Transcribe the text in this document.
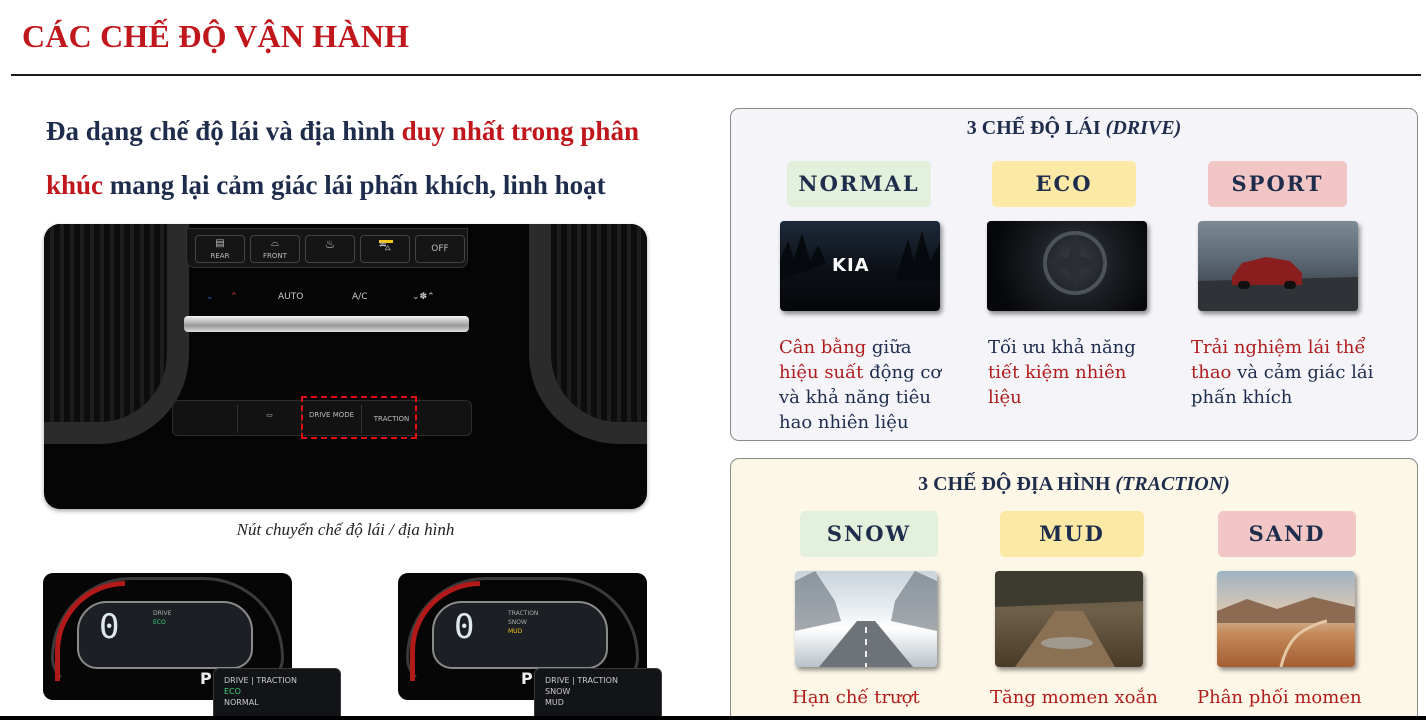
CÁC CHẾ ĐỘ VẬN HÀNH
Đa dạng chế độ lái và địa hình duy nhất trong phân
khúc mang lại cảm giác lái phấn khích, linh hoạt
▤
REAR
⌓
FRONT
♨	⛍	OFF
⌄ ⌃	AUTO	A/C	⌄✽⌃
▭	DRIVE MODE	TRACTION
Nút chuyển chế độ lái / địa hình
0	DRIVE
ECO
P DRIVE | TRACTION
ECO
NORMAL
0	TRACTION
SNOW
MUD
P DRIVE | TRACTION
SNOW
MUD
3 CHẾ ĐỘ LÁI (DRIVE)
NORMAL	ECO	SPORT
KIA
Cân bằng giữa hiệu suất động cơ và khả năng tiêu hao nhiên liệu
Tối ưu khả năng tiết kiệm nhiên liệu
Trải nghiệm lái thể thao và cảm giác lái phấn khích
3 CHẾ ĐỘ ĐỊA HÌNH (TRACTION)
SNOW	MUD	SAND
Hạn chế trượt	Tăng momen xoắn	Phân phối momen
